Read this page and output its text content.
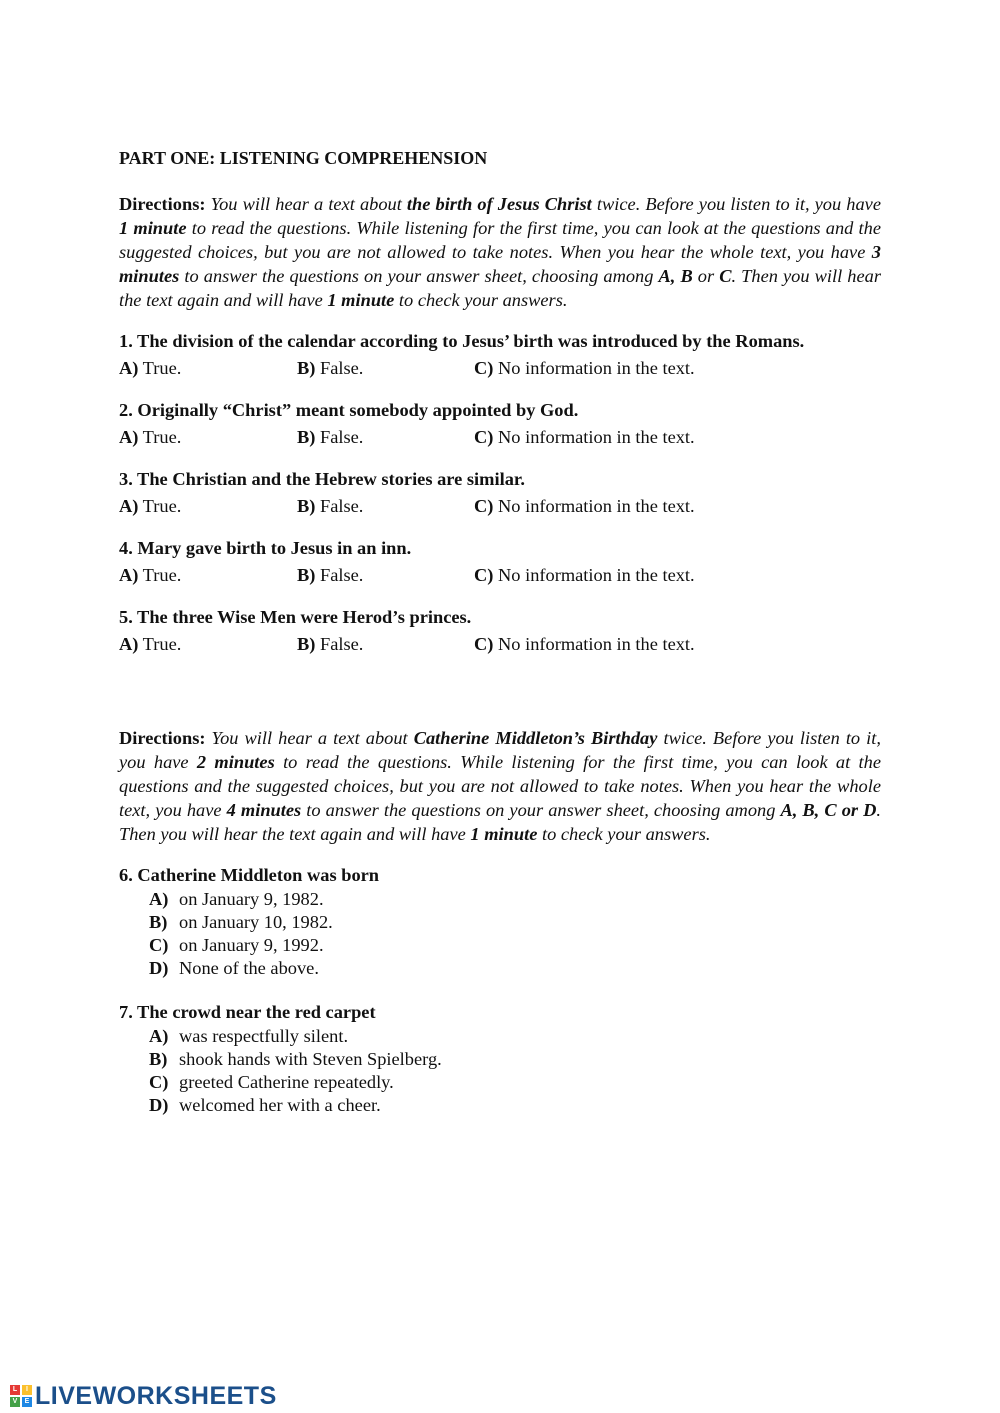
PART ONE: LISTENING COMPREHENSION

Directions: You will hear a text about the birth of Jesus Christ twice. Before you listen to it, you have 1 minute to read the questions. While listening for the first time, you can look at the questions and the suggested choices, but you are not allowed to take notes. When you hear the whole text, you have 3 minutes to answer the questions on your answer sheet, choosing among A, B or C. Then you will hear the text again and will have 1 minute to check your answers.

1. The division of the calendar according to Jesus’ birth was introduced by the Romans.
A) True.	B) False.	C) No information in the text.
2. Originally “Christ” meant somebody appointed by God.
A) True.	B) False.	C) No information in the text.
3. The Christian and the Hebrew stories are similar.
A) True.	B) False.	C) No information in the text.
4. Mary gave birth to Jesus in an inn.
A) True.	B) False.	C) No information in the text.
5. The three Wise Men were Herod’s princes.
A) True.	B) False.	C) No information in the text.

Directions: You will hear a text about Catherine Middleton’s Birthday twice. Before you listen to it, you have 2 minutes to read the questions. While listening for the first time, you can look at the questions and the suggested choices, but you are not allowed to take notes. When you hear the whole text, you have 4 minutes to answer the questions on your answer sheet, choosing among A, B, C or D. Then you will hear the text again and will have 1 minute to check your answers.

6. Catherine Middleton was born
A) on January 9, 1982.
B) on January 10, 1982.
C) on January 9, 1992.
D) None of the above.
7. The crowd near the red carpet
A) was respectfully silent.
B) shook hands with Steven Spielberg.
C) greeted Catherine repeatedly.
D) welcomed her with a cheer.
L	I
V	E LIVEWORKSHEETS
